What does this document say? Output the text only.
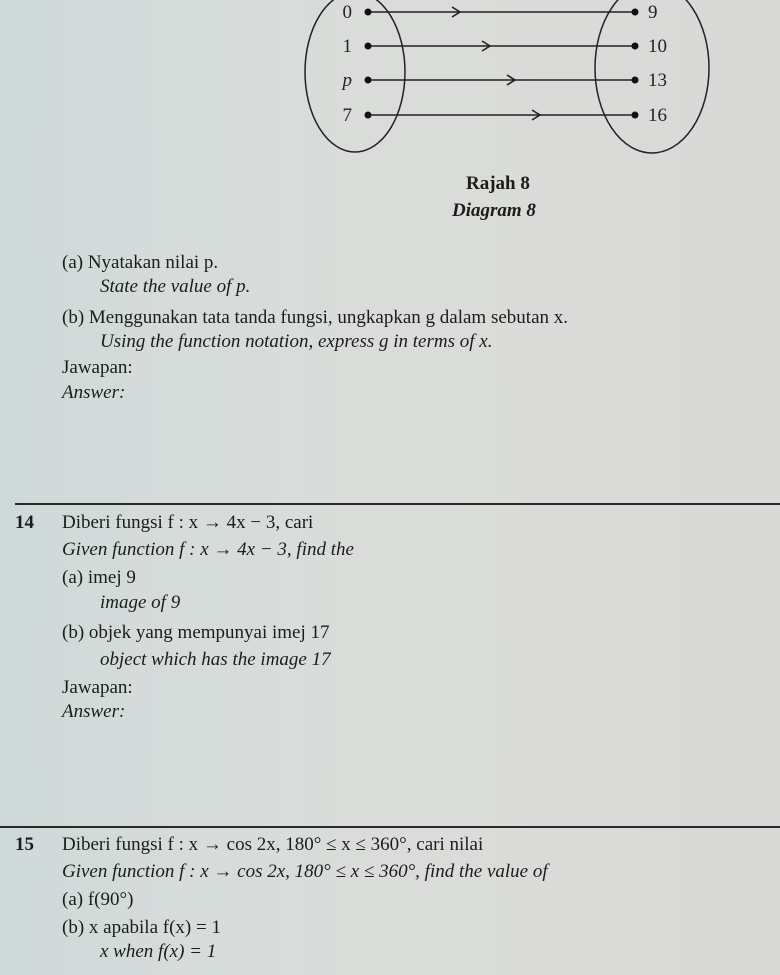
0	9
1	10
p	13
7	16
Rajah 8
Diagram 8
(a) Nyatakan nilai p.
State the value of p.
(b) Menggunakan tata tanda fungsi, ungkapkan g dalam sebutan x.
Using the function notation, express g in terms of x.
Jawapan:
Answer:
14 Diberi fungsi f : x → 4x − 3, cari
Given function f : x → 4x − 3, find the
(a) imej 9
image of 9
(b) objek yang mempunyai imej 17
object which has the image 17
Jawapan:
Answer:
15 Diberi fungsi f : x → cos 2x, 180° ≤ x ≤ 360°, cari nilai
Given function f : x → cos 2x, 180° ≤ x ≤ 360°, find the value of
(a) f(90°)
(b) x apabila f(x) = 1
x when f(x) = 1
